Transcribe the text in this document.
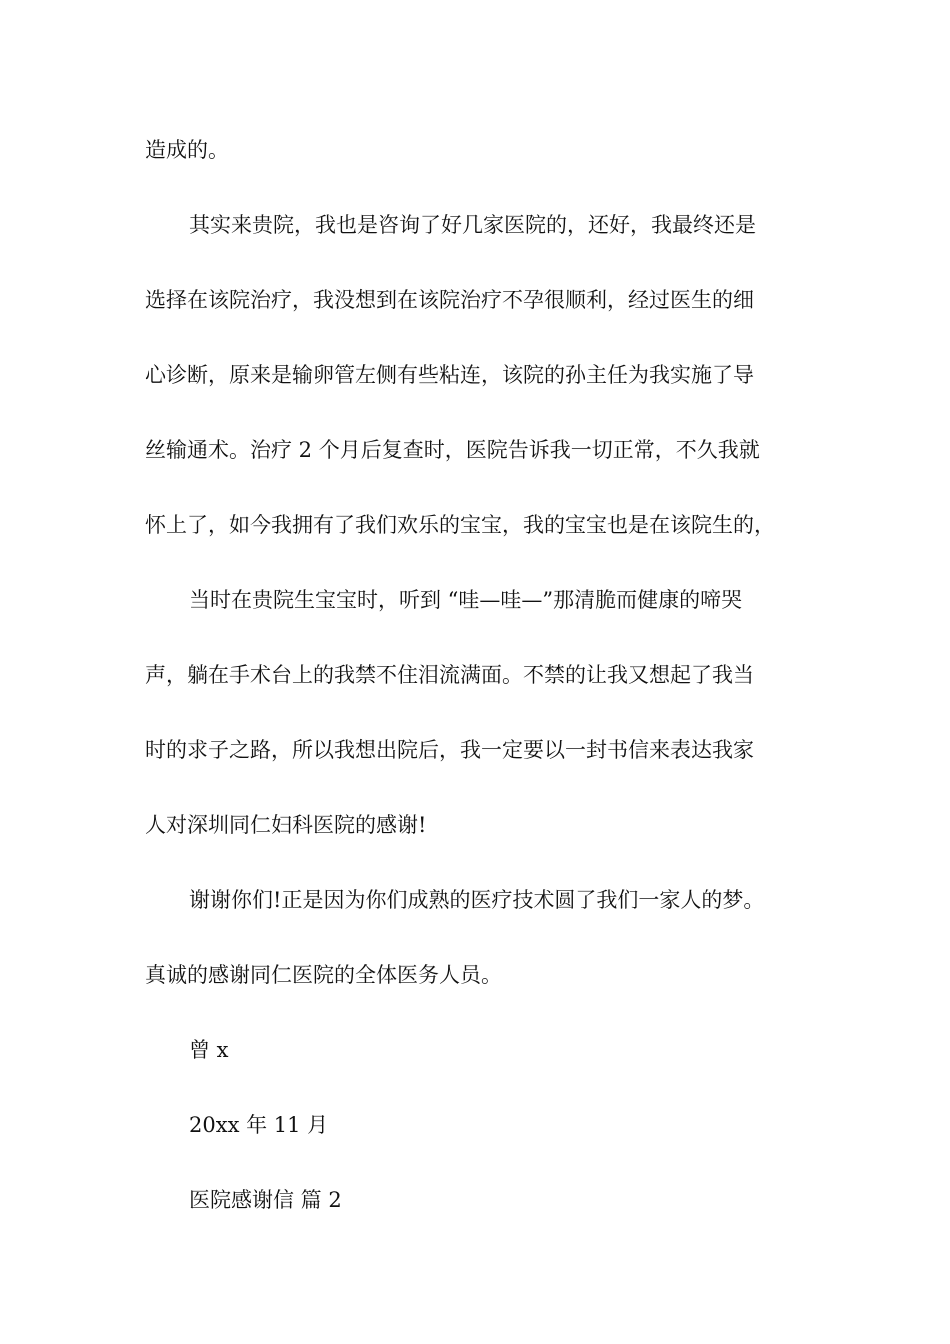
造成的。
其实来贵院，我也是咨询了好几家医院的，还好，我最终还是
选择在该院治疗，我没想到在该院治疗不孕很顺利，经过医生的细
心诊断，原来是输卵管左侧有些粘连，该院的孙主任为我实施了导
丝输通术。治疗 2 个月后复查时，医院告诉我一切正常，不久我就
怀上了，如今我拥有了我们欢乐的宝宝，我的宝宝也是在该院生的，
当时在贵院生宝宝时，听到 “哇—哇—”那清脆而健康的啼哭
声，躺在手术台上的我禁不住泪流满面。不禁的让我又想起了我当
时的求子之路，所以我想出院后，我一定要以一封书信来表达我家
人对深圳同仁妇科医院的感谢!
谢谢你们!正是因为你们成熟的医疗技术圆了我们一家人的梦。
真诚的感谢同仁医院的全体医务人员。
曾 x
20xx 年 11 月
医院感谢信 篇 2
